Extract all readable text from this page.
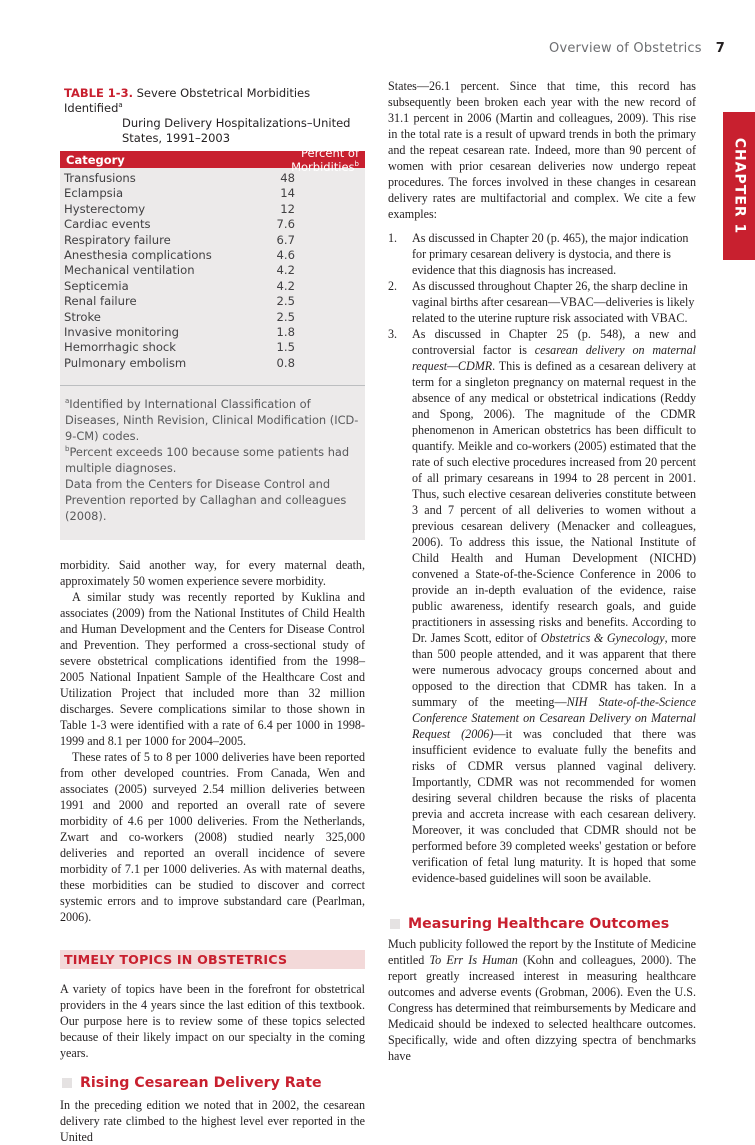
Overview of Obstetrics 7
CHAPTER 1
TABLE 1-3. Severe Obstetrical Morbidities Identified$^a$
During Delivery Hospitalizations–United
States, 1991–2003
Category	Percent of Morbidities$^b$
Transfusions	48
Eclampsia	14
Hysterectomy	12
Cardiac events	7.6
Respiratory failure	6.7
Anesthesia complications	4.6
Mechanical ventilation	4.2
Septicemia	4.2
Renal failure	2.5
Stroke	2.5
Invasive monitoring	1.8
Hemorrhagic shock	1.5
Pulmonary embolism	0.8

$^a$Identified by International Classification of Diseases, Ninth Revision, Clinical Modification (ICD-9-CM) codes.

$^b$Percent exceeds 100 because some patients had multiple diagnoses.

Data from the Centers for Disease Control and Prevention reported by Callaghan and colleagues (2008).

morbidity. Said another way, for every maternal death, approximately 50 women experience severe morbidity.

A similar study was recently reported by Kuklina and associates (2009) from the National Institutes of Child Health and Human Development and the Centers for Disease Control and Prevention. They performed a cross-sectional study of severe obstetrical complications identified from the 1998–2005 National Inpatient Sample of the Healthcare Cost and Utilization Project that included more than 32 million discharges. Severe complications similar to those shown in Table 1-3 were identified with a rate of 6.4 per 1000 in 1998-1999 and 8.1 per 1000 for 2004–2005.

These rates of 5 to 8 per 1000 deliveries have been reported from other developed countries. From Canada, Wen and associates (2005) surveyed 2.54 million deliveries between 1991 and 2000 and reported an overall rate of severe morbidity of 4.6 per 1000 deliveries. From the Netherlands, Zwart and co-workers (2008) studied nearly 325,000 deliveries and reported an overall incidence of severe morbidity of 7.1 per 1000 deliveries. As with maternal deaths, these morbidities can be studied to discover and correct systemic errors and to improve substandard care (Pearlman, 2006).

TIMELY TOPICS IN OBSTETRICS

A variety of topics have been in the forefront for obstetrical providers in the 4 years since the last edition of this textbook. Our purpose here is to review some of these topics selected because of their likely impact on our specialty in the coming years.

Rising Cesarean Delivery Rate

In the preceding edition we noted that in 2002, the cesarean delivery rate climbed to the highest level ever reported in the United

States—26.1 percent. Since that time, this record has subsequently been broken each year with the new record of 31.1 percent in 2006 (Martin and colleagues, 2009). This rise in the total rate is a result of upward trends in both the primary and the repeat cesarean rate. Indeed, more than 90 percent of women with prior cesarean deliveries now undergo repeat procedures. The forces involved in these changes in cesarean delivery rates are multifactorial and complex. We cite a few examples:

1. As discussed in Chapter 20 (p. 465), the major indication for primary cesarean delivery is dystocia, and there is evidence that this diagnosis has increased.
2. As discussed throughout Chapter 26, the sharp decline in vaginal births after cesarean—VBAC—deliveries is likely related to the uterine rupture risk associated with VBAC.
3. As discussed in Chapter 25 (p. 548), a new and controversial factor is cesarean delivery on maternal request—CDMR. This is defined as a cesarean delivery at term for a singleton pregnancy on maternal request in the absence of any medical or obstetrical indications (Reddy and Spong, 2006). The magnitude of the CDMR phenomenon in American obstetrics has been difficult to quantify. Meikle and co-workers (2005) estimated that the rate of such elective procedures increased from 20 percent of all primary cesareans in 1994 to 28 percent in 2001. Thus, such elective cesarean deliveries constitute between 3 and 7 percent of all deliveries to women without a previous cesarean delivery (Menacker and colleagues, 2006). To address this issue, the National Institute of Child Health and Human Development (NICHD) convened a State-of-the-Science Conference in 2006 to provide an in-depth evaluation of the evidence, raise public awareness, identify research goals, and guide practitioners in assessing risks and benefits. According to Dr. James Scott, editor of Obstetrics & Gynecology, more than 500 people attended, and it was apparent that there were numerous advocacy groups concerned about and opposed to the direction that CDMR has taken. In a summary of the meeting—NIH State-of-the-Science Conference Statement on Cesarean Delivery on Maternal Request (2006)—it was concluded that there was insufficient evidence to evaluate fully the benefits and risks of CDMR versus planned vaginal delivery. Importantly, CDMR was not recommended for women desiring several children because the risks of placenta previa and accreta increase with each cesarean delivery. Moreover, it was concluded that CDMR should not be performed before 39 completed weeks' gestation or before verification of fetal lung maturity. It is hoped that some evidence-based guidelines will soon be available.
Measuring Healthcare Outcomes

Much publicity followed the report by the Institute of Medicine entitled To Err Is Human (Kohn and colleagues, 2000). The report greatly increased interest in measuring healthcare outcomes and adverse events (Grobman, 2006). Even the U.S. Congress has determined that reimbursements by Medicare and Medicaid should be indexed to selected healthcare outcomes. Specifically, wide and often dizzying spectra of benchmarks have
